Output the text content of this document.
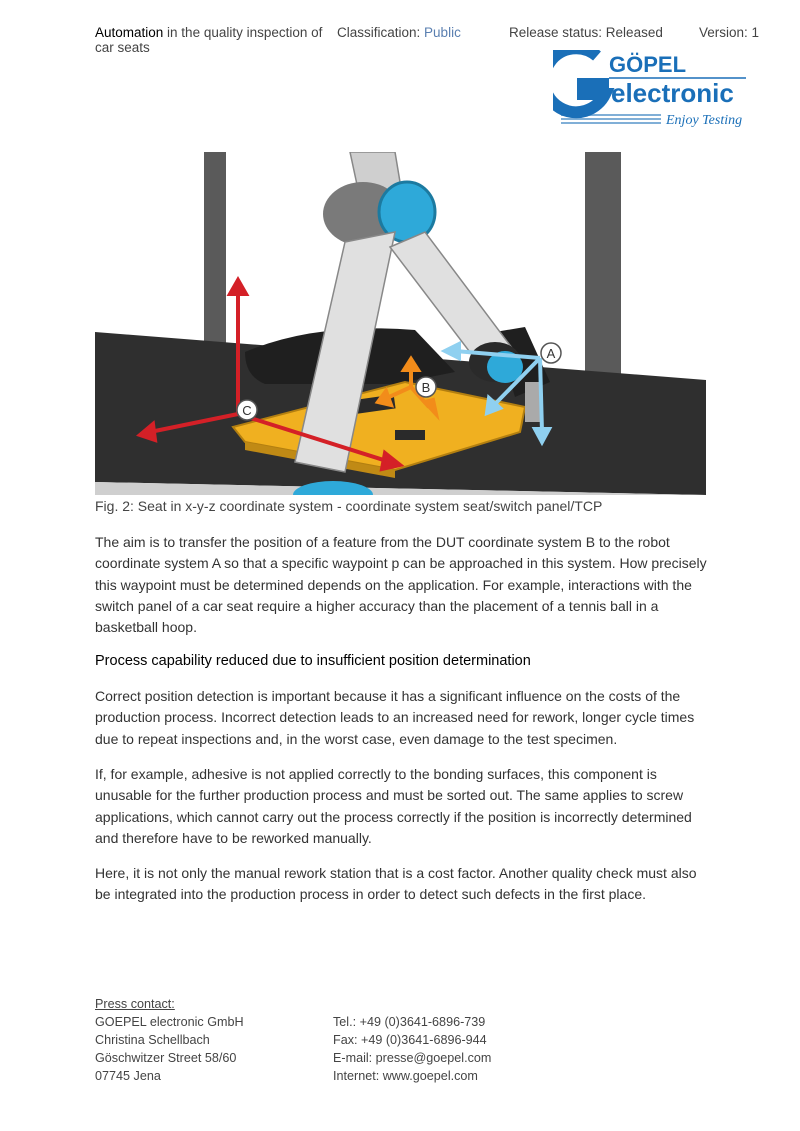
Automation in the quality inspection of
car seats
Classification: Public	Release status: Released	Version: 1
GÖPEL
electronic
Enjoy Testing
A
B
C
Fig. 2: Seat in x-y-z coordinate system - coordinate system seat/switch panel/TCP

The aim is to transfer the position of a feature from the DUT coordinate system B to the robot coordinate system A so that a specific waypoint p can be approached in this system. How precisely this waypoint must be determined depends on the application. For example, interactions with the switch panel of a car seat require a higher accuracy than the placement of a tennis ball in a basketball hoop.

Process capability reduced due to insufficient position determination

Correct position detection is important because it has a significant influence on the costs of the production process. Incorrect detection leads to an increased need for rework, longer cycle times due to repeat inspections and, in the worst case, even damage to the test specimen.

If, for example, adhesive is not applied correctly to the bonding surfaces, this component is unusable for the further production process and must be sorted out. The same applies to screw applications, which cannot carry out the process correctly if the position is incorrectly determined and therefore have to be reworked manually.

Here, it is not only the manual rework station that is a cost factor. Another quality check must also be integrated into the production process in order to detect such defects in the first place.

Press contact:
GOEPEL electronic GmbH
Christina Schellbach
Göschwitzer Street 58/60
07745 Jena
Tel.: +49 (0)3641-6896-739
Fax: +49 (0)3641-6896-944
E-mail: presse@goepel.com
Internet: www.goepel.com
